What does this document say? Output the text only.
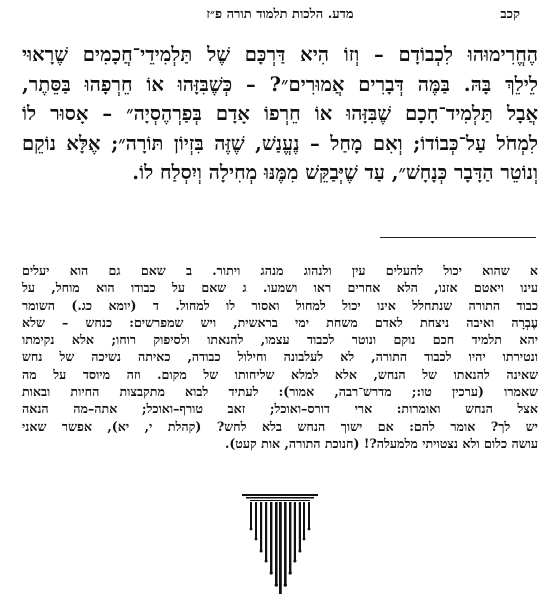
קכב
מדע. הלכות תלמוד תורה פ״ז
הֶחֱרִימוּהוּ לִכְבוֹדָם – וְזוֹ הִיא דַּרְכָּם שֶׁל תַּלְמִידֵי־חֲכָמִים שֶׁרָאוּי
לֵילֵךְ בָּהּ. בַּמֶּה דְּבָרִים אֲמוּרִים״? – כְּשֶׁבִּזָּהוּ אוֹ חֵרְפָהוּ בַּסֵּתֶר,
אֲבָל תַּלְמִיד־חָכָם שֶׁבִּזָּהוּ אוֹ חֵרְפוֹ אָדָם בְּפַרְהֶסְיָה״ – אָסוּר לוֹ
לִמְחֹל עַל־כְּבוֹדוֹ; וְאִם מָחַל – נֶעֱנַשׁ, שֶׁזֶּה בִּזְיוֹן תּוֹרָה״; אֶלָּא נוֹקֵם
וְנוֹטֵר הַדָּבָר כְּנָחָשׁ״, עַד שֶׁיְּבַקֵּשׁ מִמֶּנּוּ מְחִילָה וְיִסְלַח לוֹ.
א שהוא יכול להעלים עין ולנהוג מנהג ויתור. ב שאם גם הוא יעלים
עינו ויאטם אזנו, הלא אחרים ראו ושמעו. ג שאם על כבודו הוא מוחל, על
כבוד התורה שנתחלל אינו יכול למחול ואסור לו למחול. ד (יומא כג.) השומר
עֶבְרָה ואיבה ניצחת לאדם משחת ימי בראשית, ויש שמפרשים: כנחש – שלא
יהא תלמיד חכם נוקם ונוטר לכבוד עצמו, להנאתו ולסיפוק רוחו; אלא נקימתו
ונטירתו יהיו לכבוד התורה, לא לעלבונה וחילול כבודה, כאיתה נשיכה של נחש
שאינה להנאתו של הנחש, אלא למלא שליחותו של מקום. וזה מיוסד על מה
שאמרו (ערכין טו:; מדרש־רבה, אמור): לעתיד לבוא מתקבצות החיות ובאות
אצל הנחש ואומרות: ארי דורס–ואוכל; זאב טורף–ואוכל; אתה–מה הנאה
יש לך? אומר להם: אם ישוך הנחש בלא לחש? (קהלת י, יא), אפשר שאני
עושה כלום ולא נצטויתי מלמעלה?! (חנוכת התורה, אות קעט).
